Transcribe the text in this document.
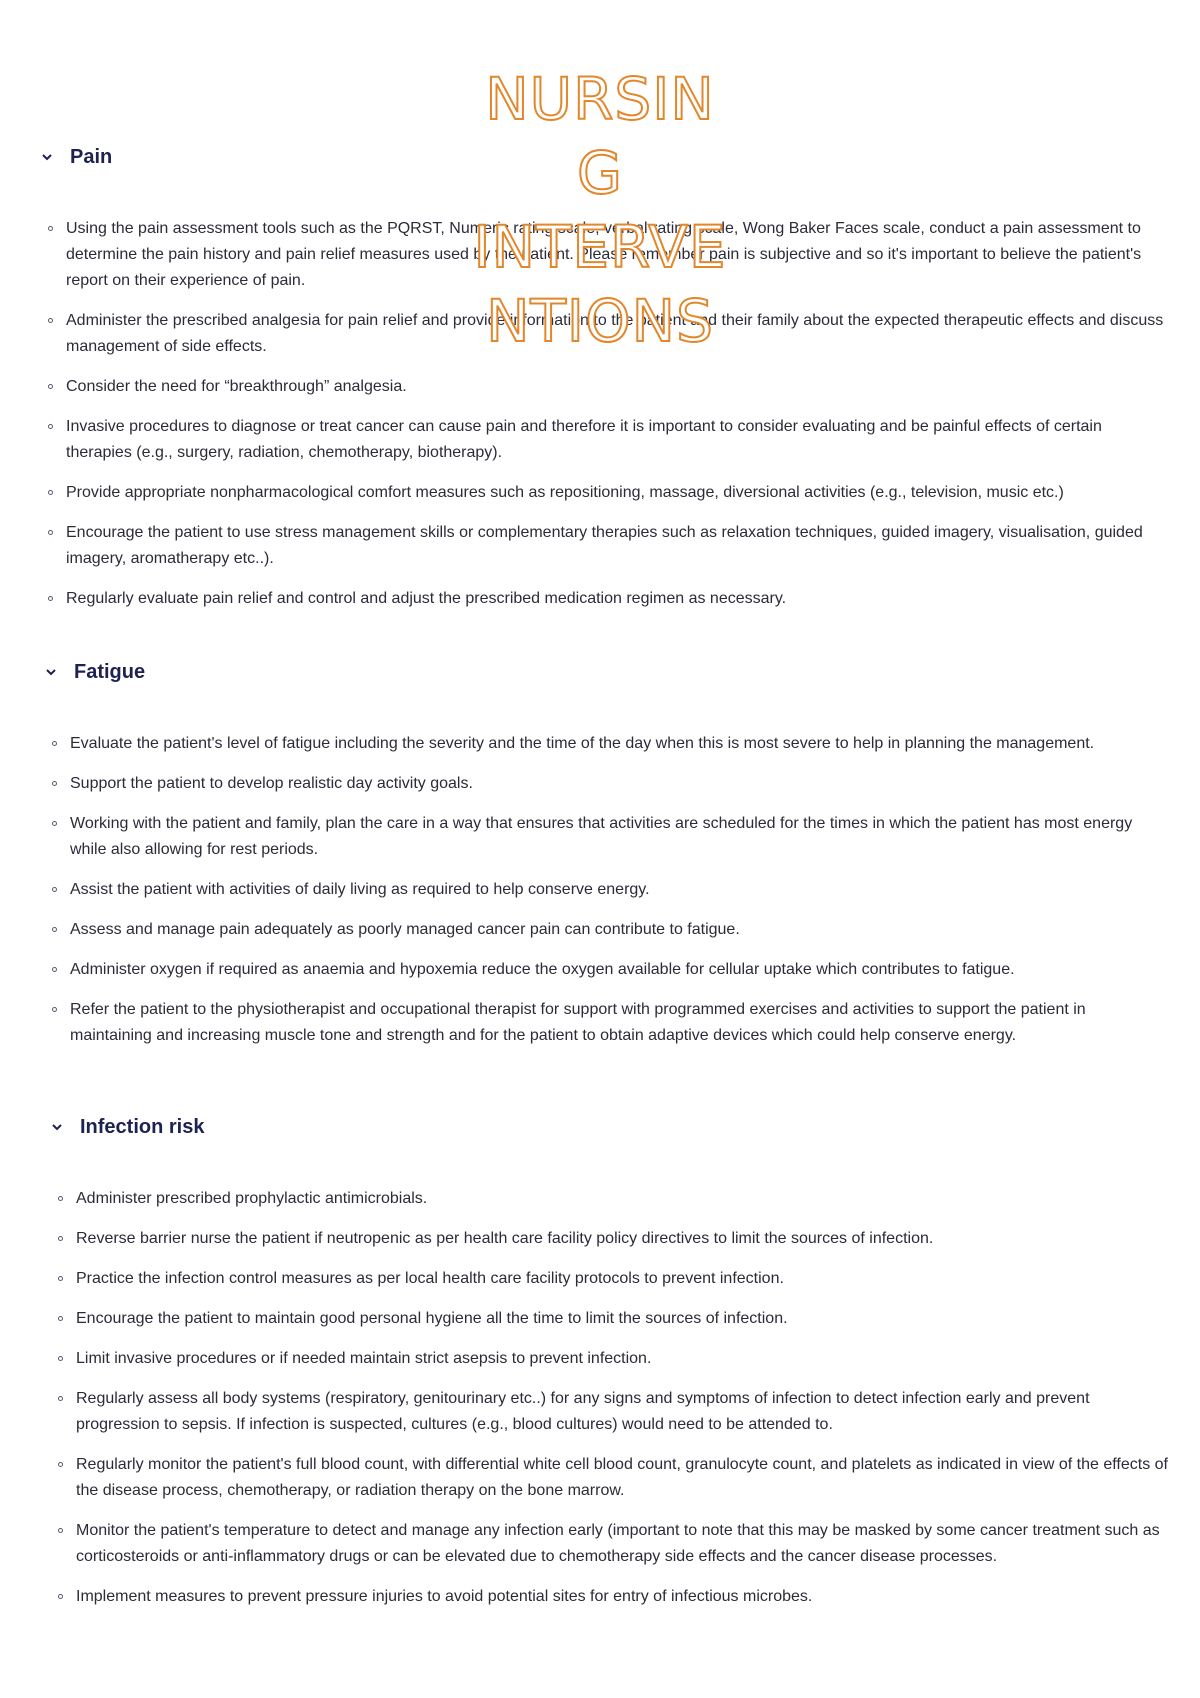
NURSIN
G
INTERVE
NTIONS
Pain
Using the pain assessment tools such as the PQRST, Numeric rating scale, verbal rating scale, Wong Baker Faces scale, conduct a pain assessment to determine the pain history and pain relief measures used by the patient. Please remember pain is subjective and so it's important to believe the patient's report on their experience of pain.
Administer the prescribed analgesia for pain relief and provide information to the patient and their family about the expected therapeutic effects and discuss management of side effects.
Consider the need for “breakthrough” analgesia.
Invasive procedures to diagnose or treat cancer can cause pain and therefore it is important to consider evaluating and be painful effects of certain therapies (e.g., surgery, radiation, chemotherapy, biotherapy).
Provide appropriate nonpharmacological comfort measures such as repositioning, massage, diversional activities (e.g., television, music etc.)
Encourage the patient to use stress management skills or complementary therapies such as relaxation techniques, guided imagery, visualisation, guided imagery, aromatherapy etc..).
Regularly evaluate pain relief and control and adjust the prescribed medication regimen as necessary.
Fatigue
Evaluate the patient's level of fatigue including the severity and the time of the day when this is most severe to help in planning the management.
Support the patient to develop realistic day activity goals.
Working with the patient and family, plan the care in a way that ensures that activities are scheduled for the times in which the patient has most energy while also allowing for rest periods.
Assist the patient with activities of daily living as required to help conserve energy.
Assess and manage pain adequately as poorly managed cancer pain can contribute to fatigue.
Administer oxygen if required as anaemia and hypoxemia reduce the oxygen available for cellular uptake which contributes to fatigue.
Refer the patient to the physiotherapist and occupational therapist for support with programmed exercises and activities to support the patient in maintaining and increasing muscle tone and strength and for the patient to obtain adaptive devices which could help conserve energy.
Infection risk
Administer prescribed prophylactic antimicrobials.
Reverse barrier nurse the patient if neutropenic as per health care facility policy directives to limit the sources of infection.
Practice the infection control measures as per local health care facility protocols to prevent infection.
Encourage the patient to maintain good personal hygiene all the time to limit the sources of infection.
Limit invasive procedures or if needed maintain strict asepsis to prevent infection.
Regularly assess all body systems (respiratory, genitourinary etc..) for any signs and symptoms of infection to detect infection early and prevent progression to sepsis. If infection is suspected, cultures (e.g., blood cultures) would need to be attended to.
Regularly monitor the patient's full blood count, with differential white cell blood count, granulocyte count, and platelets as indicated in view of the effects of the disease process, chemotherapy, or radiation therapy on the bone marrow.
Monitor the patient's temperature to detect and manage any infection early (important to note that this may be masked by some cancer treatment such as corticosteroids or anti-inflammatory drugs or can be elevated due to chemotherapy side effects and the cancer disease processes.
Implement measures to prevent pressure injuries to avoid potential sites for entry of infectious microbes.
